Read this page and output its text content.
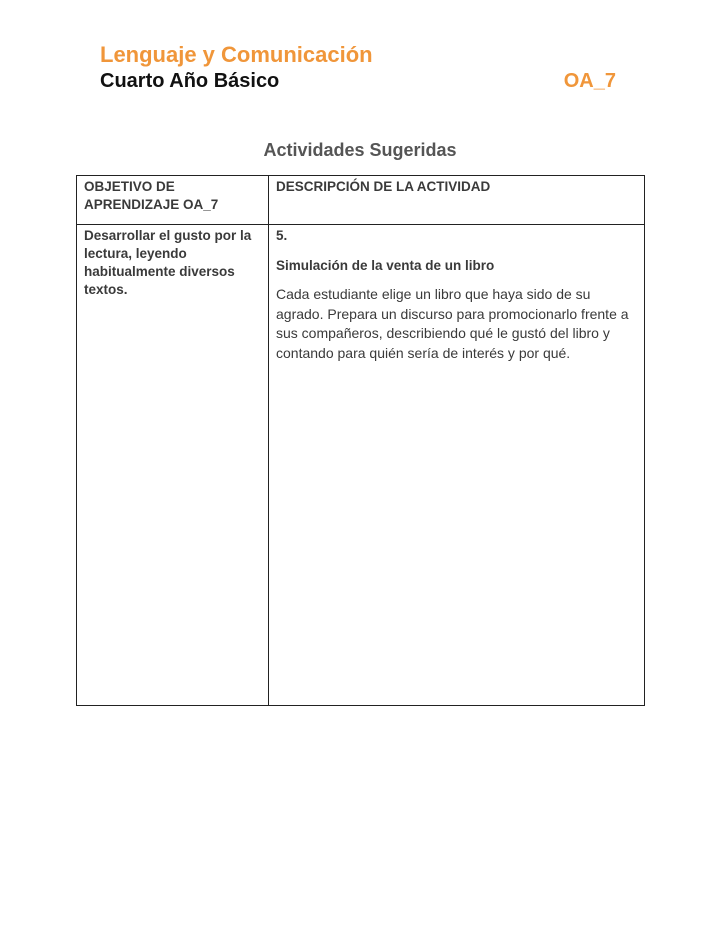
Lenguaje y Comunicación

Cuarto Año Básico	OA_7
Actividades Sugeridas
OBJETIVO DE APRENDIZAJE OA_7	DESCRIPCIÓN DE LA ACTIVIDAD
Desarrollar el gusto por la lectura, leyendo habitualmente diversos textos.	5.

Simulación de la venta de un libro

Cada estudiante elige un libro que haya sido de su agrado. Prepara un discurso para promocionarlo frente a sus compañeros, describiendo qué le gustó del libro y contando para quién sería de interés y por qué.
